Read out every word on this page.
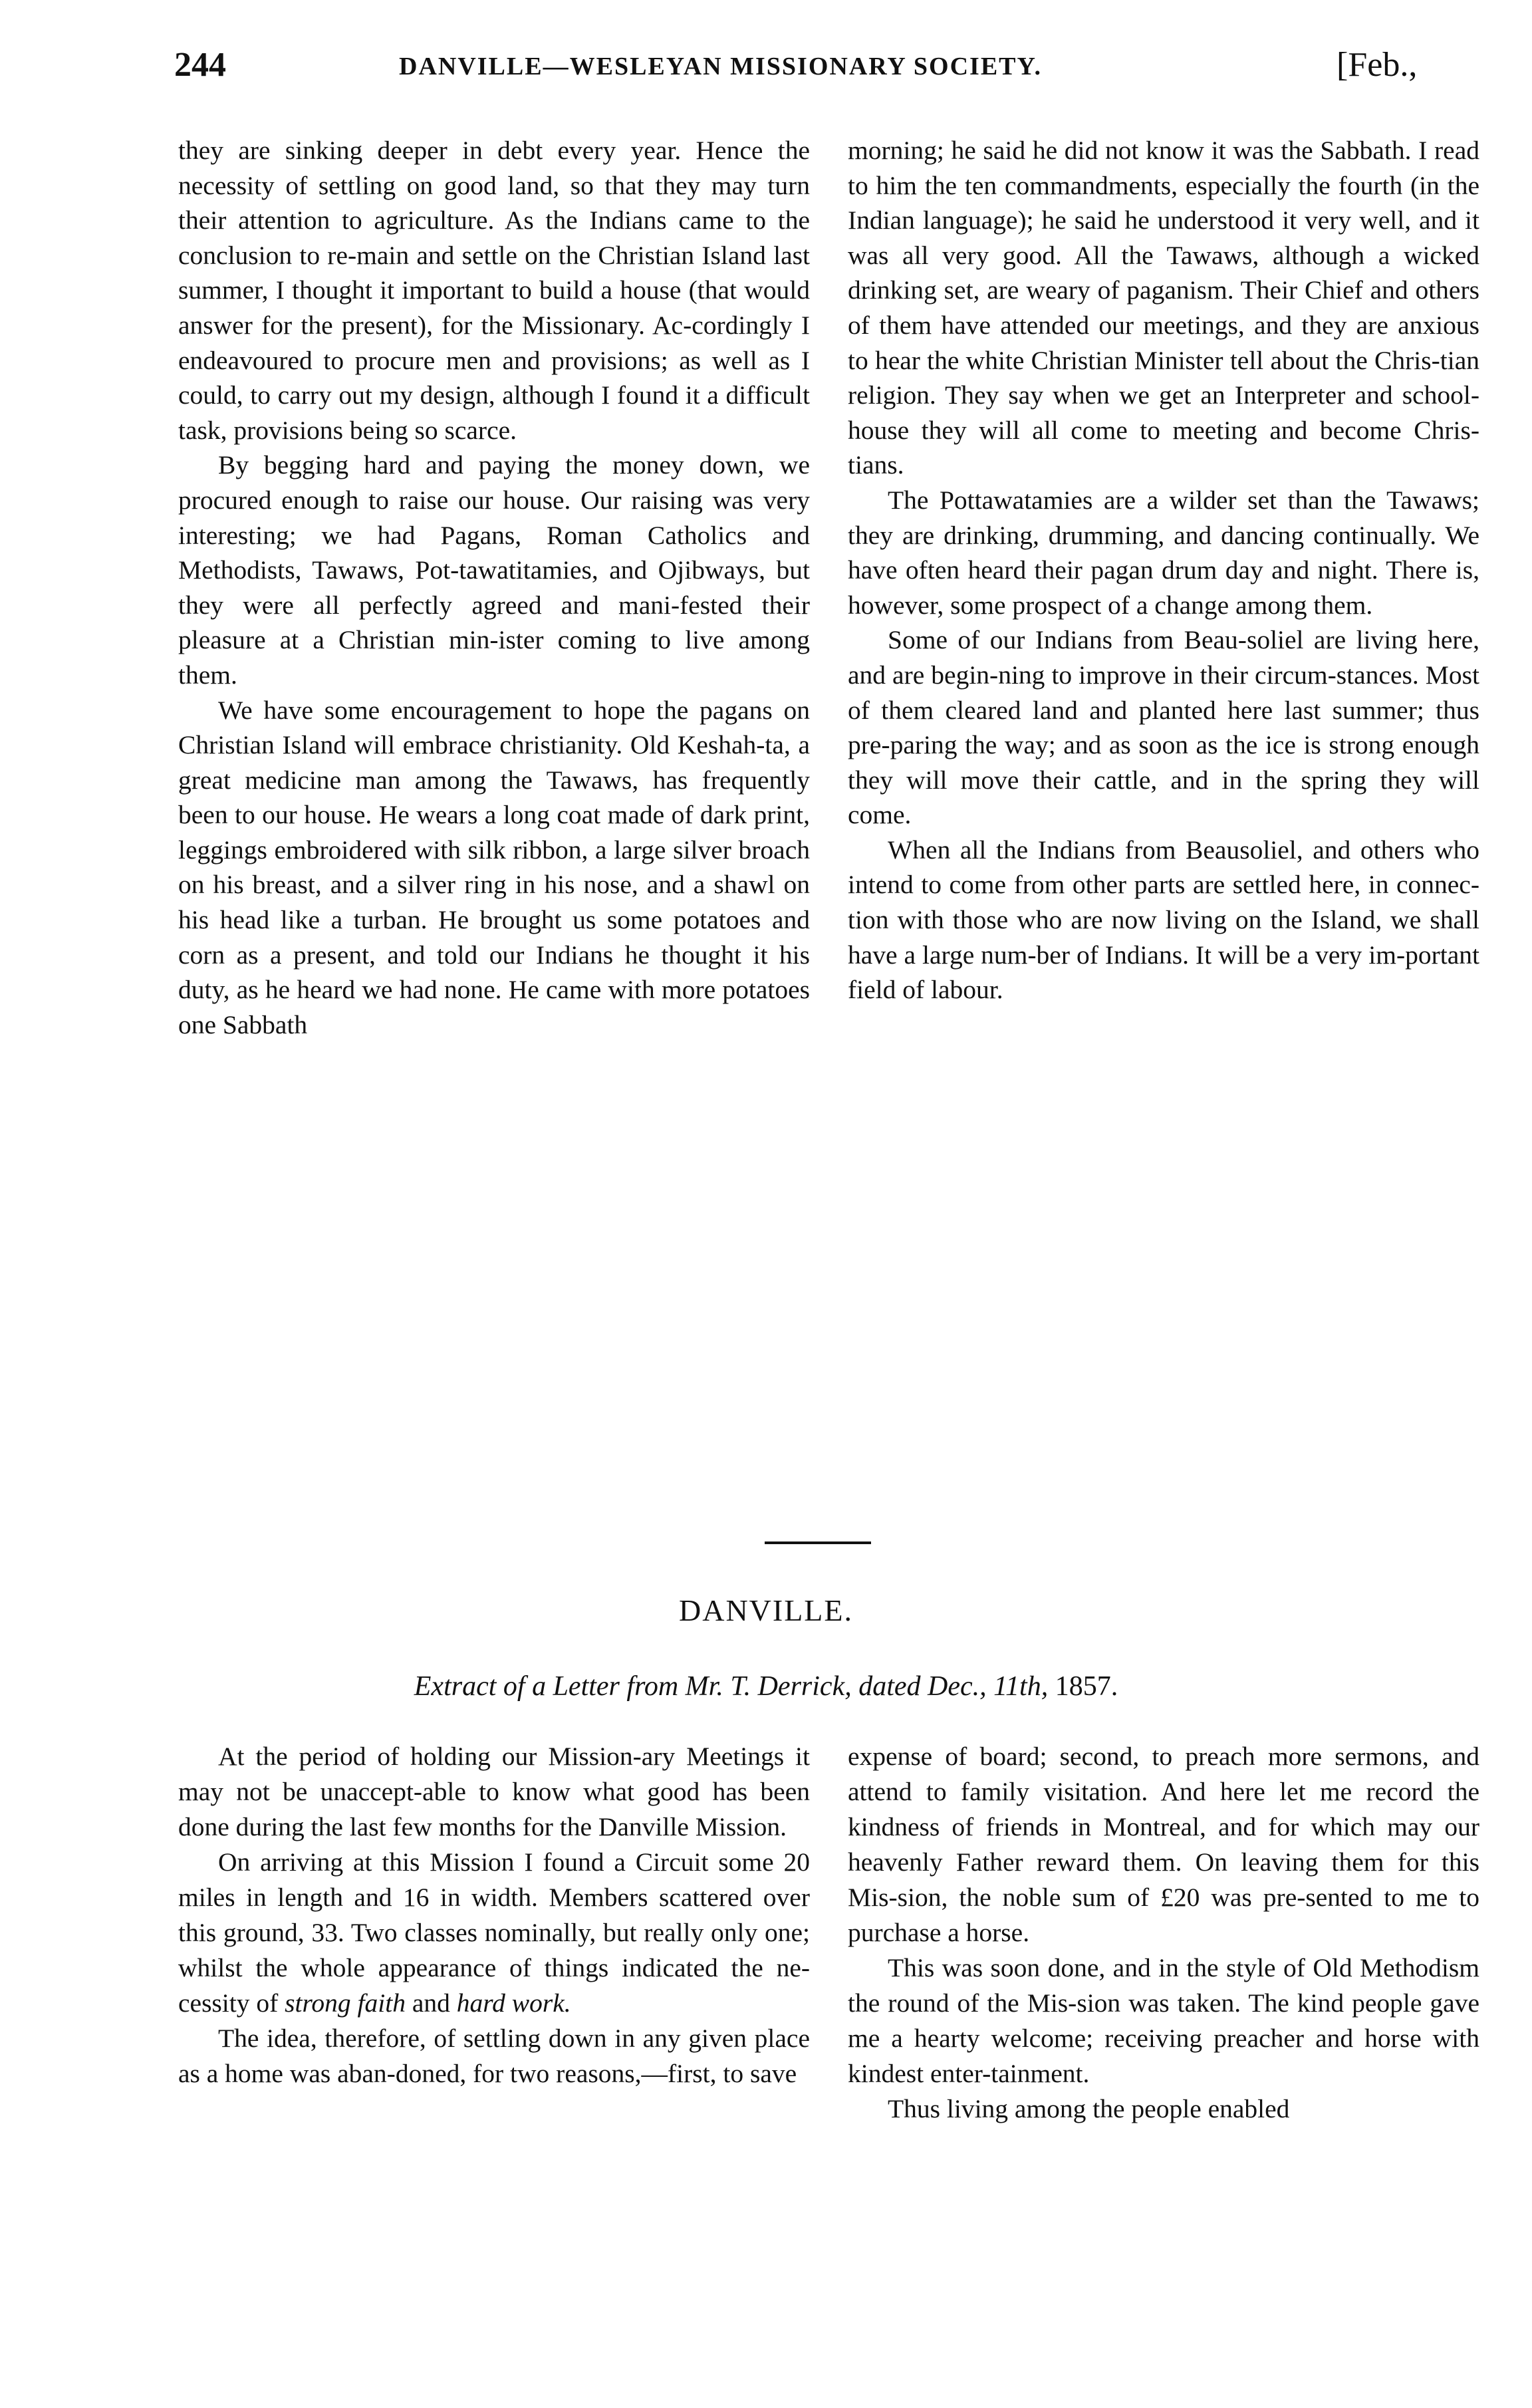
244	DANVILLE—WESLEYAN MISSIONARY SOCIETY.	[Feb.,

they are sinking deeper in debt every year. Hence the necessity of settling on good land, so that they may turn their attention to agriculture. As the Indians came to the conclusion to re-main and settle on the Christian Island last summer, I thought it important to build a house (that would answer for the present), for the Missionary. Ac-cordingly I endeavoured to procure men and provisions; as well as I could, to carry out my design, although I found it a difficult task, provisions being so scarce.

By begging hard and paying the money down, we procured enough to raise our house. Our raising was very interesting; we had Pagans, Roman Catholics and Methodists, Tawaws, Pot-tawatitamies, and Ojibways, but they were all perfectly agreed and mani-fested their pleasure at a Christian min-ister coming to live among them.

We have some encouragement to hope the pagans on Christian Island will embrace christianity. Old Keshah-ta, a great medicine man among the Tawaws, has frequently been to our house. He wears a long coat made of dark print, leggings embroidered with silk ribbon, a large silver broach on his breast, and a silver ring in his nose, and a shawl on his head like a turban. He brought us some potatoes and corn as a present, and told our Indians he thought it his duty, as he heard we had none. He came with more potatoes one Sabbath

morning; he said he did not know it was the Sabbath. I read to him the ten commandments, especially the fourth (in the Indian language); he said he understood it very well, and it was all very good. All the Tawaws, although a wicked drinking set, are weary of paganism. Their Chief and others of them have attended our meetings, and they are anxious to hear the white Christian Minister tell about the Chris-tian religion. They say when we get an Interpreter and school-house they will all come to meeting and become Chris-tians.

The Pottawatamies are a wilder set than the Tawaws; they are drinking, drumming, and dancing continually. We have often heard their pagan drum day and night. There is, however, some prospect of a change among them.

Some of our Indians from Beau-soliel are living here, and are begin-ning to improve in their circum-stances. Most of them cleared land and planted here last summer; thus pre-paring the way; and as soon as the ice is strong enough they will move their cattle, and in the spring they will come.

When all the Indians from Beausoliel, and others who intend to come from other parts are settled here, in connec-tion with those who are now living on the Island, we shall have a large num-ber of Indians. It will be a very im-portant field of labour.

DANVILLE.
Extract of a Letter from Mr. T. Derrick, dated Dec., 11th, 1857.

At the period of holding our Mission-ary Meetings it may not be unaccept-able to know what good has been done during the last few months for the Danville Mission.

On arriving at this Mission I found a Circuit some 20 miles in length and 16 in width. Members scattered over this ground, 33. Two classes nominally, but really only one; whilst the whole appearance of things indicated the ne-cessity of strong faith and hard work.

The idea, therefore, of settling down in any given place as a home was aban-doned, for two reasons,—first, to save

expense of board; second, to preach more sermons, and attend to family visitation. And here let me record the kindness of friends in Montreal, and for which may our heavenly Father reward them. On leaving them for this Mis-sion, the noble sum of £20 was pre-sented to me to purchase a horse.

This was soon done, and in the style of Old Methodism the round of the Mis-sion was taken. The kind people gave me a hearty welcome; receiving preacher and horse with kindest enter-tainment.

Thus living among the people enabled
